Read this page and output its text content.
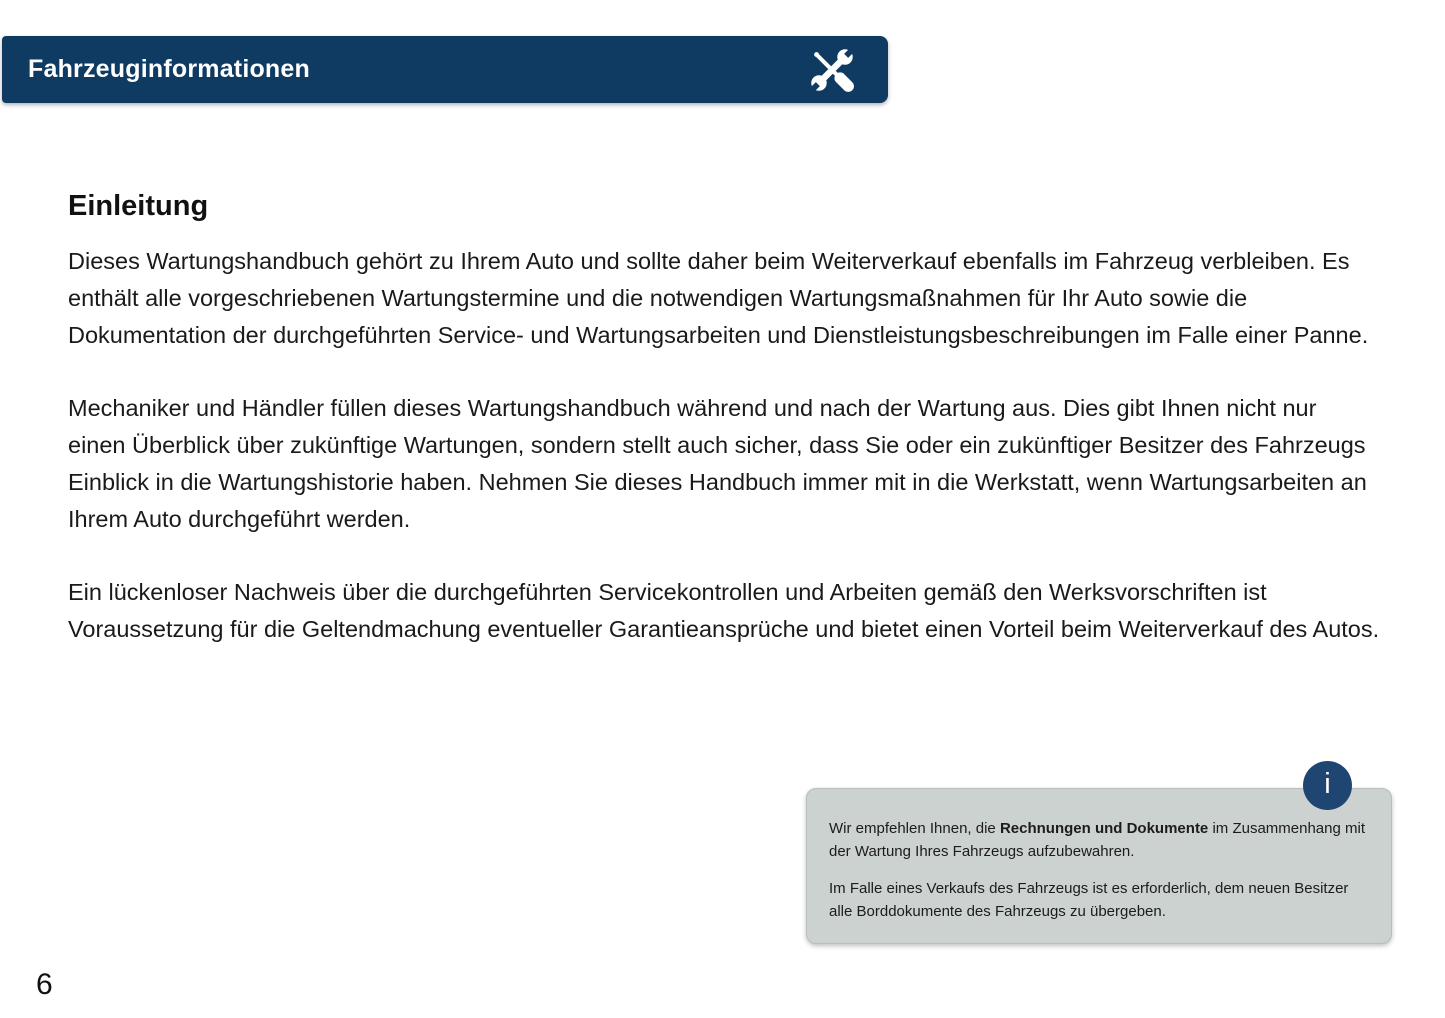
Fahrzeuginformationen
Einleitung

Dieses Wartungshandbuch gehört zu Ihrem Auto und sollte daher beim Weiterverkauf ebenfalls im Fahrzeug verbleiben. Es enthält alle vorgeschriebenen Wartungstermine und die notwendigen Wartungsmaßnahmen für Ihr Auto sowie die Dokumentation der durchgeführten Service- und Wartungsarbeiten und Dienstleistungsbeschreibungen im Falle einer Panne.

Mechaniker und Händler füllen dieses Wartungshandbuch während und nach der Wartung aus. Dies gibt Ihnen nicht nur einen Überblick über zukünftige Wartungen, sondern stellt auch sicher, dass Sie oder ein zukünftiger Besitzer des Fahrzeugs Einblick in die Wartungshistorie haben. Nehmen Sie dieses Handbuch immer mit in die Werkstatt, wenn Wartungsarbeiten an Ihrem Auto durchgeführt werden.

Ein lückenloser Nachweis über die durchgeführten Servicekontrollen und Arbeiten gemäß den Werksvorschriften ist Voraussetzung für die Geltendmachung eventueller Garantieansprüche und bietet einen Vorteil beim Weiterverkauf des Autos.

Wir empfehlen Ihnen, die Rechnungen und Dokumente im Zusammenhang mit der Wartung Ihres Fahrzeugs aufzubewahren.

Im Falle eines Verkaufs des Fahrzeugs ist es erforderlich, dem neuen Besitzer alle Borddokumente des Fahrzeugs zu übergeben.

i
6
